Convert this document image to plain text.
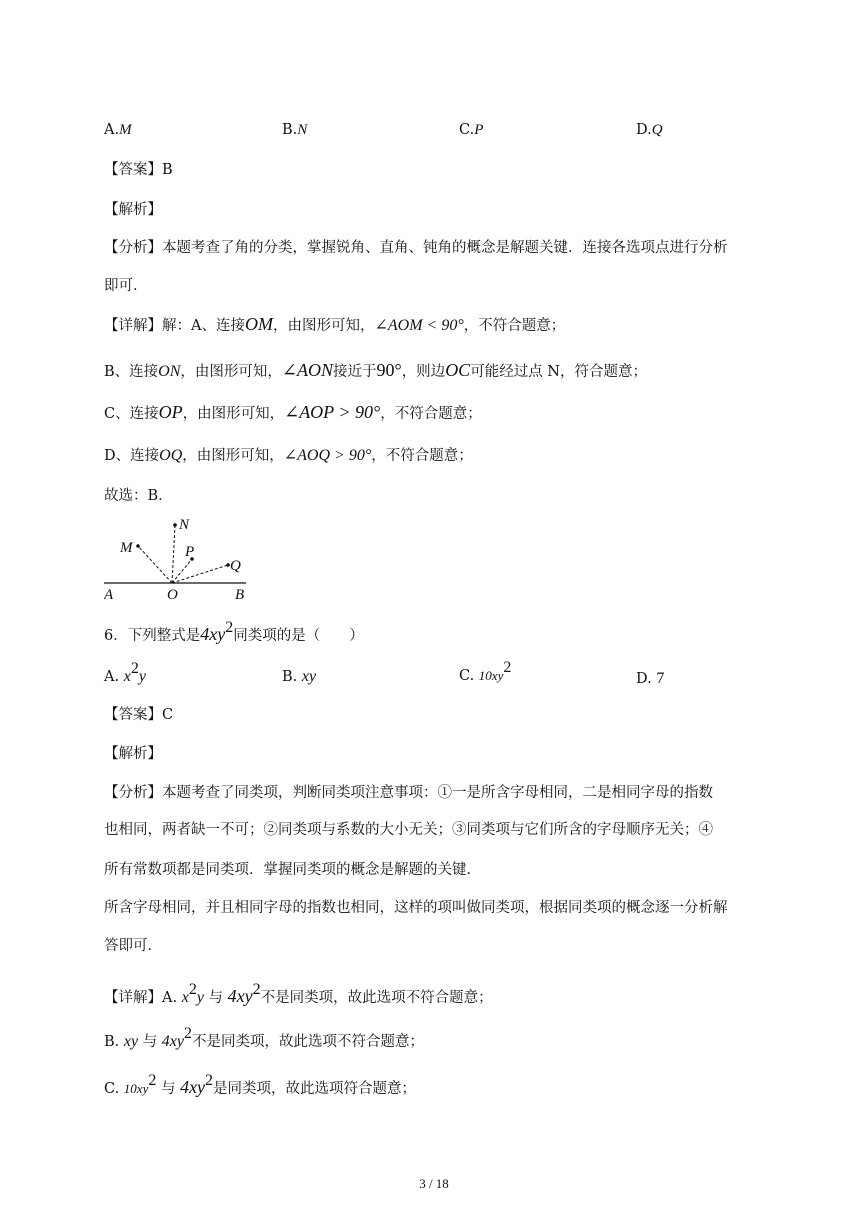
A.M	B.N	C.P	D.Q
【答案】B
【解析】
【分析】本题考查了角的分类，掌握锐角、直角、钝角的概念是解题关键．连接各选项点进行分析
即可．
【详解】解：A、连接OM，由图形可知，∠AOM < 90°，不符合题意；
B、连接ON，由图形可知，∠AON接近于90°，则边OC可能经过点 N，符合题意；
C、连接OP，由图形可知，∠AOP > 90°，不符合题意；
D、连接OQ，由图形可知，∠AOQ > 90°，不符合题意；
故选：B．
N
M	P
Q
A	O	B
6．下列整式是$4xy^2$同类项的是（　　）
A. $x^2y$	B. xy	C. $10xy^2$
D. 7
【答案】C
【解析】
【分析】本题考查了同类项，判断同类项注意事项：①一是所含字母相同，二是相同字母的指数
也相同，两者缺一不可；②同类项与系数的大小无关；③同类项与它们所含的字母顺序无关；④
所有常数项都是同类项．掌握同类项的概念是解题的关键．
所含字母相同，并且相同字母的指数也相同，这样的项叫做同类项，根据同类项的概念逐一分析解
答即可．
【详解】A. $x^2y$ 与 $4xy^2$不是同类项，故此选项不符合题意；
B. xy 与 $4xy^2$不是同类项，故此选项不符合题意；
C. $10xy^2$ 与 $4xy^2$是同类项，故此选项符合题意；
3 / 18
